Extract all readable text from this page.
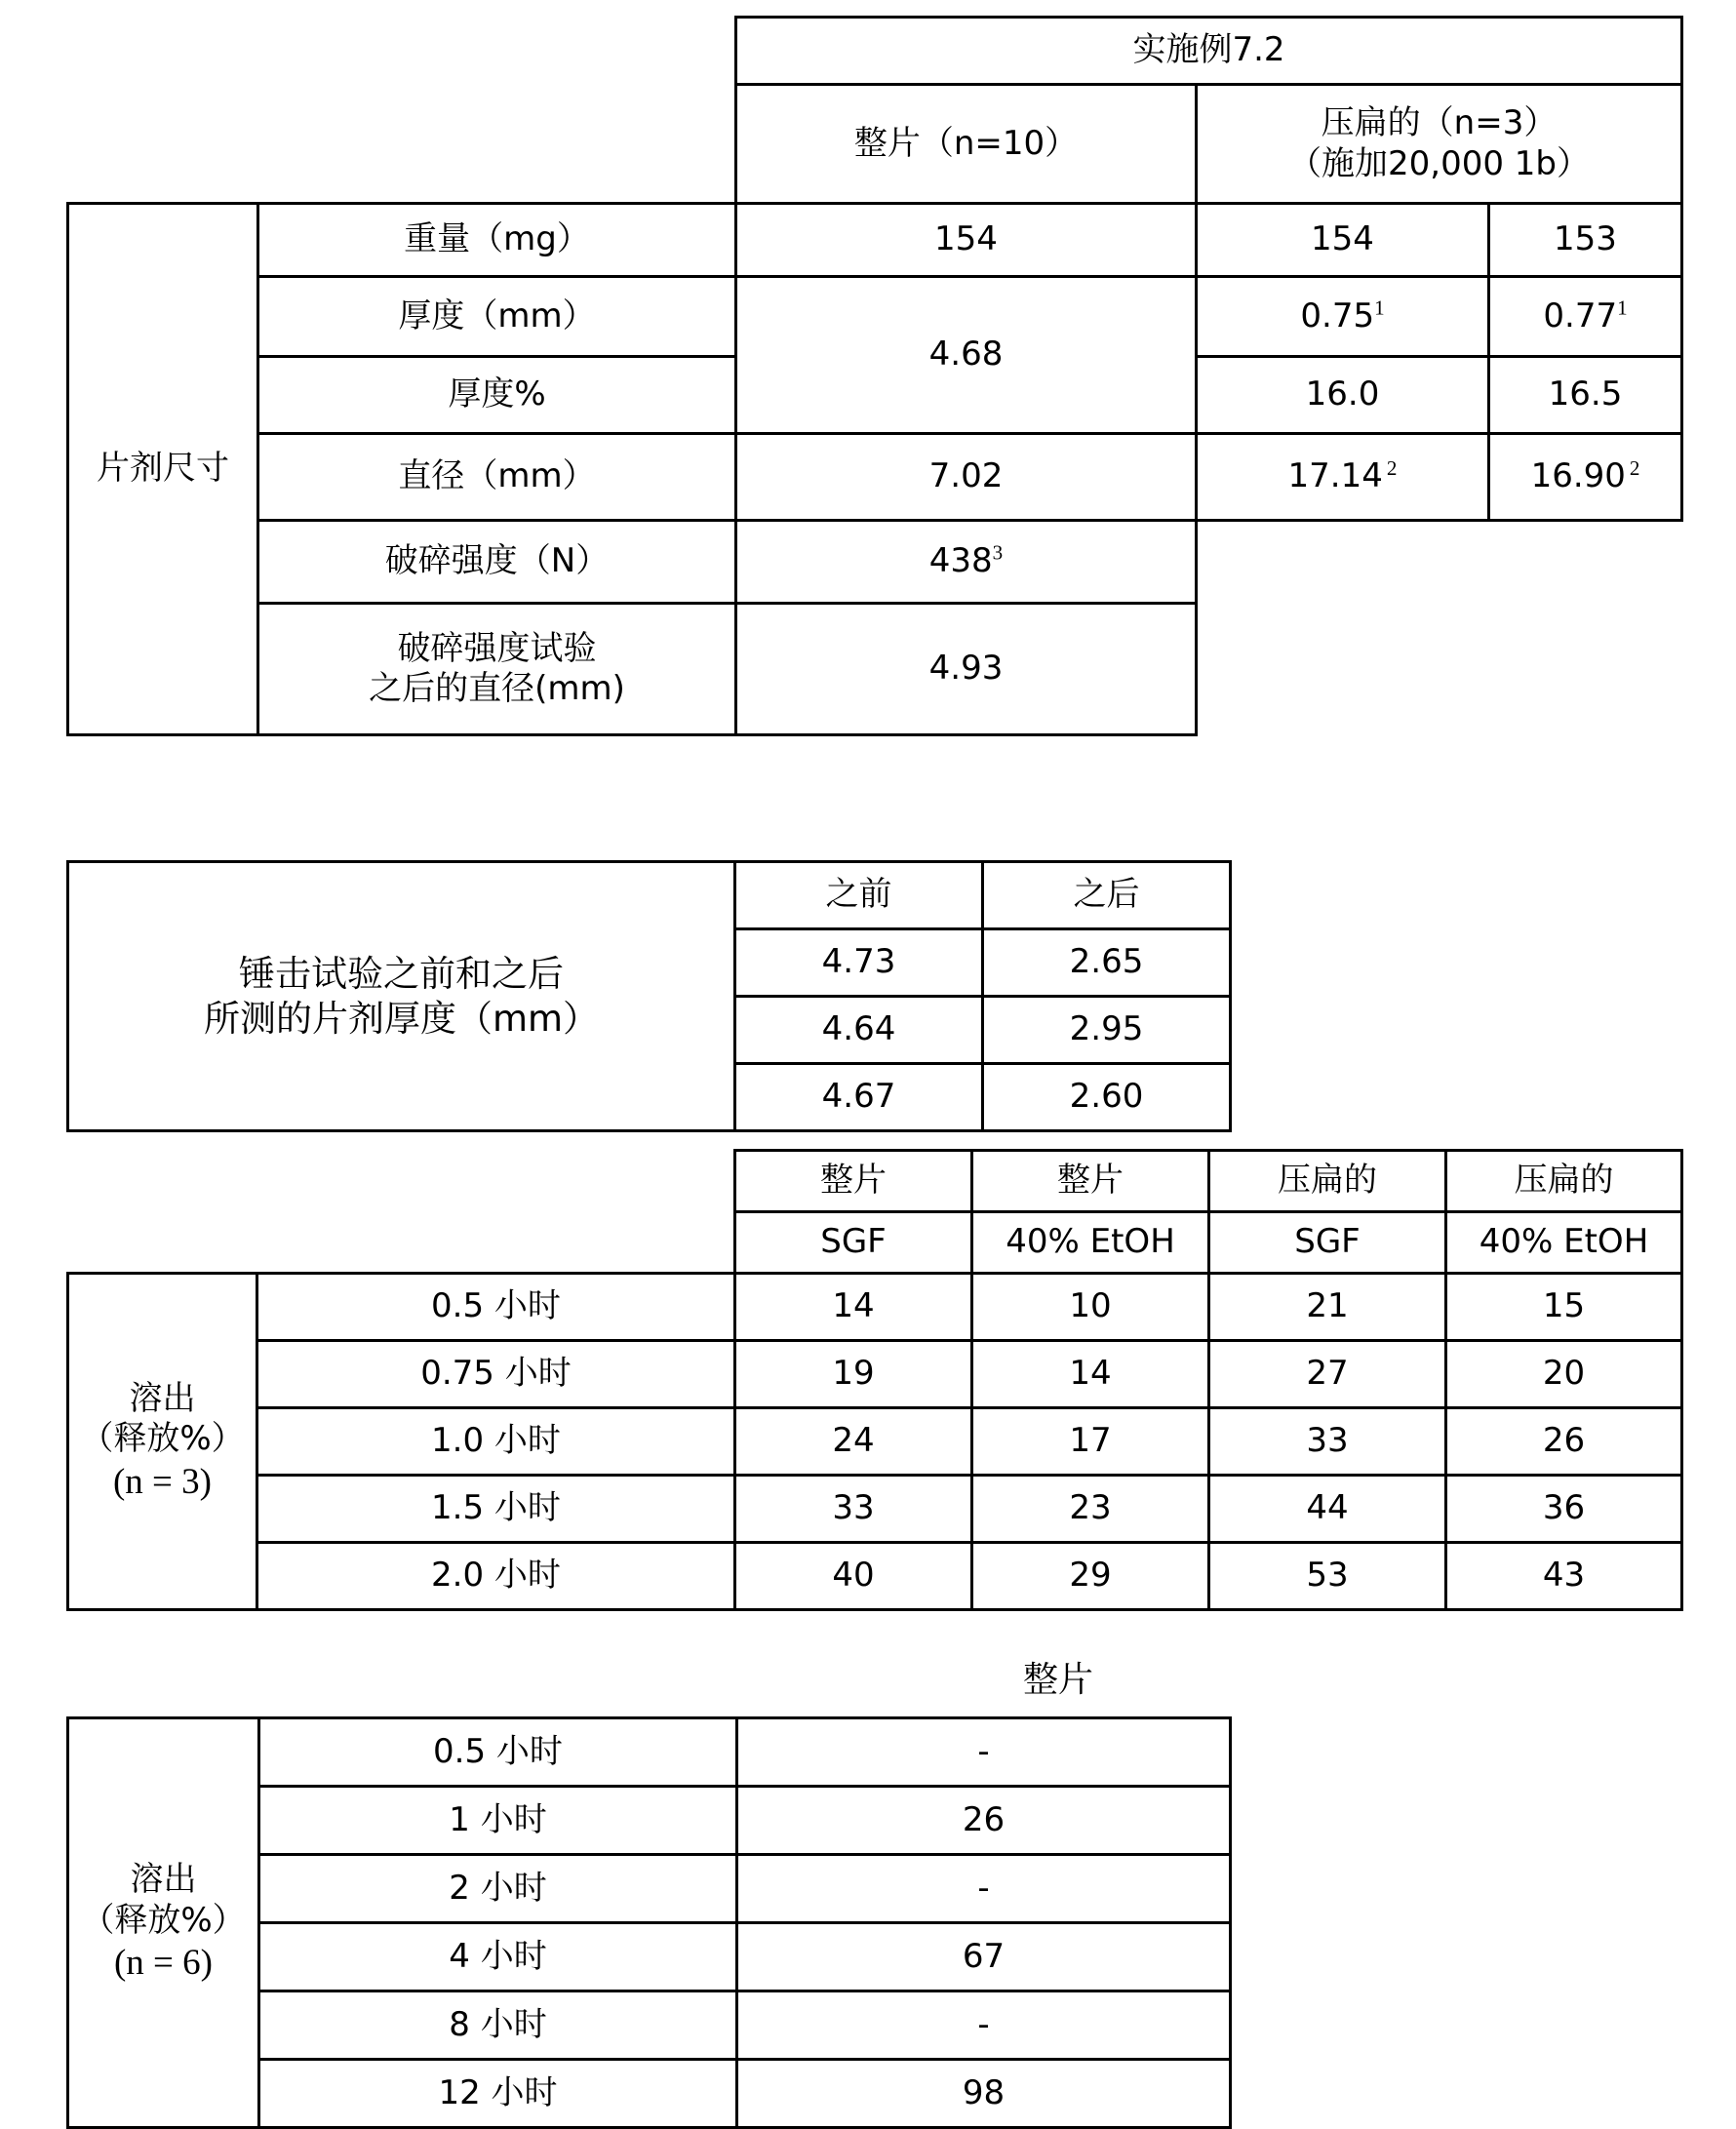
		实施例7.2		
		整片（n=10）	压扁的（n=3）
（施加20,000 1b）	

片剂尺寸	重量（mg）	154	154	153
	厚度（mm）	4.68	0.75$^1$	0.77$^1$
	厚度%		16.0	16.5
	直径（mm）	7.02	17.14 $^2$	16.90 $^2$
	破碎强度（N）	$438^3$		

	破碎强度试验
之后的直径(mm)	4.93		
锤击试验之前和之后
所测的片剂厚度（mm）	之前	之后
	4.73	2.65
	4.64	2.95
	4.67	2.60
		整片	整片	压扁的	压扁的
		SGF	40% EtOH	SGF	40% EtOH

溶出
（释放%）
(n = 3)	0.5 小时	14	10	21	15
	0.75 小时	19	14	27	20
	1.0 小时	24	17	33	26
	1.5 小时	33	23	44	36
	2.0 小时	40	29	53	43
整片
溶出
（释放%）
(n = 6)	0.5 小时	-
	1 小时	26
	2 小时	-
	4 小时	67
	8 小时	-
	12 小时	98
